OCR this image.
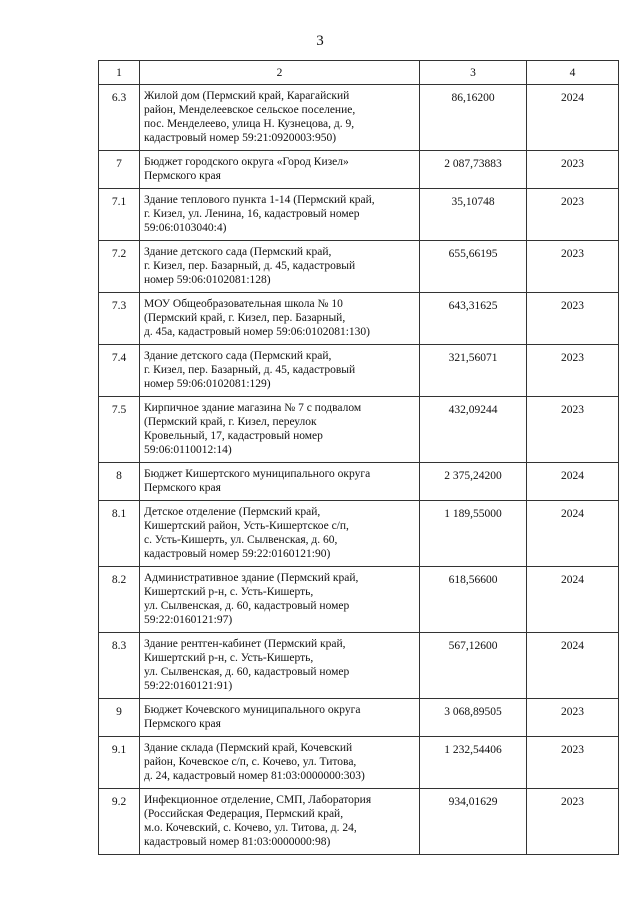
3
1	2	3	4
6.3	Жилой дом (Пермский край, Карагайский
район, Менделеевское сельское поселение,
пос. Менделеево, улица Н. Кузнецова, д. 9,
кадастровый номер 59:21:0920003:950)	86,16200	2024
7	Бюджет городского округа «Город Кизел»
Пермского края	2 087,73883	2023
7.1	Здание теплового пункта 1-14 (Пермский край,
г. Кизел, ул. Ленина, 16, кадастровый номер
59:06:0103040:4)	35,10748	2023
7.2	Здание детского сада (Пермский край,
г. Кизел, пер. Базарный, д. 45, кадастровый
номер 59:06:0102081:128)	655,66195	2023
7.3	МОУ Общеобразовательная школа № 10
(Пермский край, г. Кизел, пер. Базарный,
д. 45а, кадастровый номер 59:06:0102081:130)	643,31625	2023
7.4	Здание детского сада (Пермский край,
г. Кизел, пер. Базарный, д. 45, кадастровый
номер 59:06:0102081:129)	321,56071	2023
7.5	Кирпичное здание магазина № 7 с подвалом
(Пермский край, г. Кизел, переулок
Кровельный, 17, кадастровый номер
59:06:0110012:14)	432,09244	2023
8	Бюджет Кишертского муниципального округа
Пермского края	2 375,24200	2024
8.1	Детское отделение (Пермский край,
Кишертский район, Усть-Кишертское с/п,
с. Усть-Кишерть, ул. Сылвенская, д. 60,
кадастровый номер 59:22:0160121:90)	1 189,55000	2024
8.2	Административное здание (Пермский край,
Кишертский р-н, с. Усть-Кишерть,
ул. Сылвенская, д. 60, кадастровый номер
59:22:0160121:97)	618,56600	2024
8.3	Здание рентген-кабинет (Пермский край,
Кишертский р-н, с. Усть-Кишерть,
ул. Сылвенская, д. 60, кадастровый номер
59:22:0160121:91)	567,12600	2024
9	Бюджет Кочевского муниципального округа
Пермского края	3 068,89505	2023
9.1	Здание склада (Пермский край, Кочевский
район, Кочевское с/п, с. Кочево, ул. Титова,
д. 24, кадастровый номер 81:03:0000000:303)	1 232,54406	2023
9.2	Инфекционное отделение, СМП, Лаборатория
(Российская Федерация, Пермский край,
м.о. Кочевский, с. Кочево, ул. Титова, д. 24,
кадастровый номер 81:03:0000000:98)	934,01629	2023
